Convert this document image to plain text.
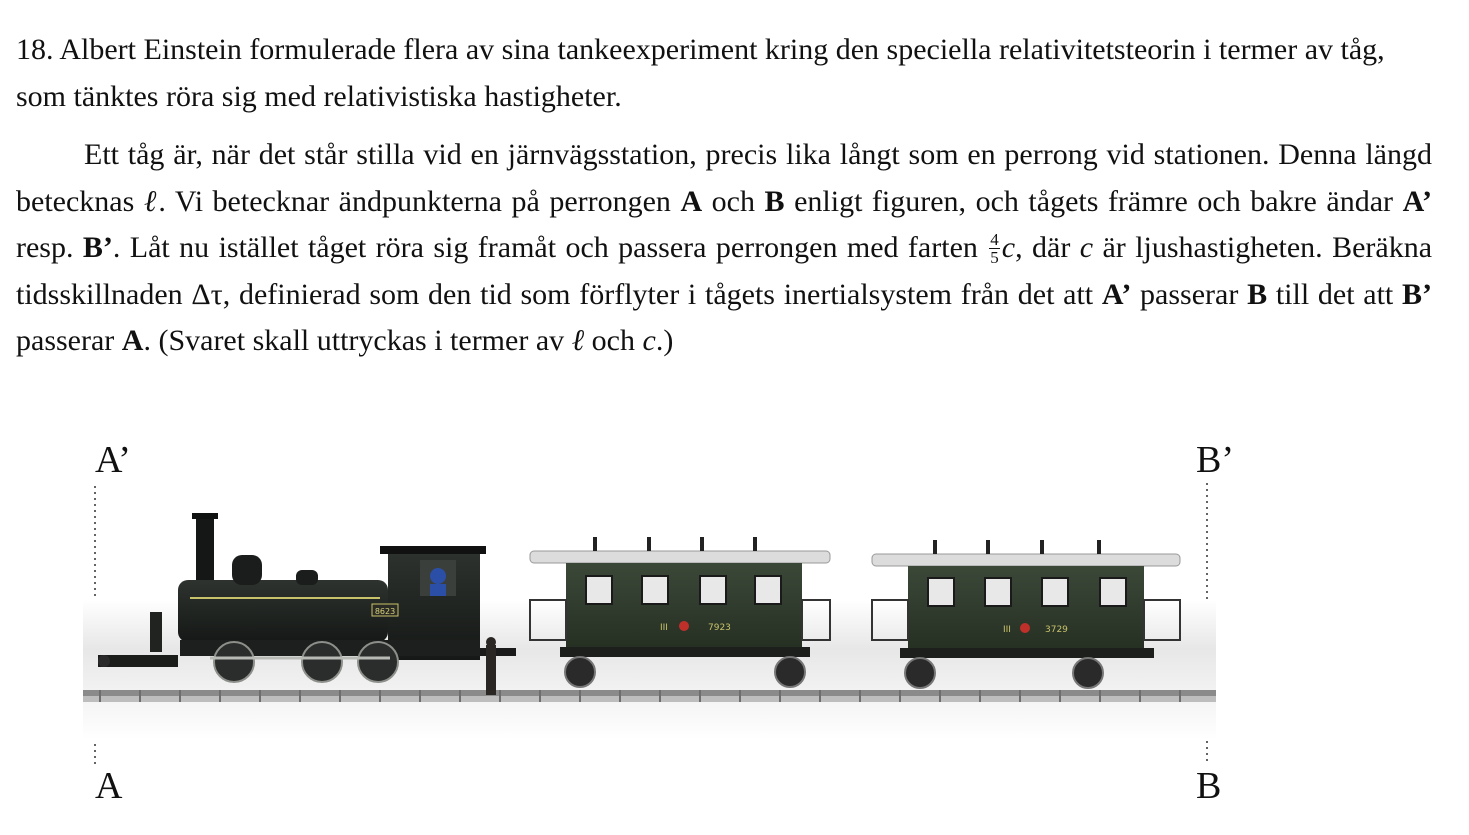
18. Albert Einstein formulerade flera av sina tankeexperiment kring den speciella relativitetsteorin i termer av tåg, som tänktes röra sig med relativistiska hastigheter.
Ett tåg är, när det står stilla vid en järnvägsstation, precis lika långt som en perrong vid stationen. Denna längd betecknas ℓ. Vi betecknar ändpunkterna på perrongen A och B enligt figuren, och tågets främre och bakre ändar A’ resp. B’. Låt nu istället tåget röra sig framåt och passera perrongen med farten $\frac{4}{5} c$, där c är ljushastigheten. Beräkna tidsskillnaden Δτ, definierad som den tid som förflyter i tågets inertialsystem från det att A’ passerar B till det att B’ passerar A. (Svaret skall uttryckas i termer av ℓ och c.)
8623
7923
III	3729
III
A’	B’
A	B
